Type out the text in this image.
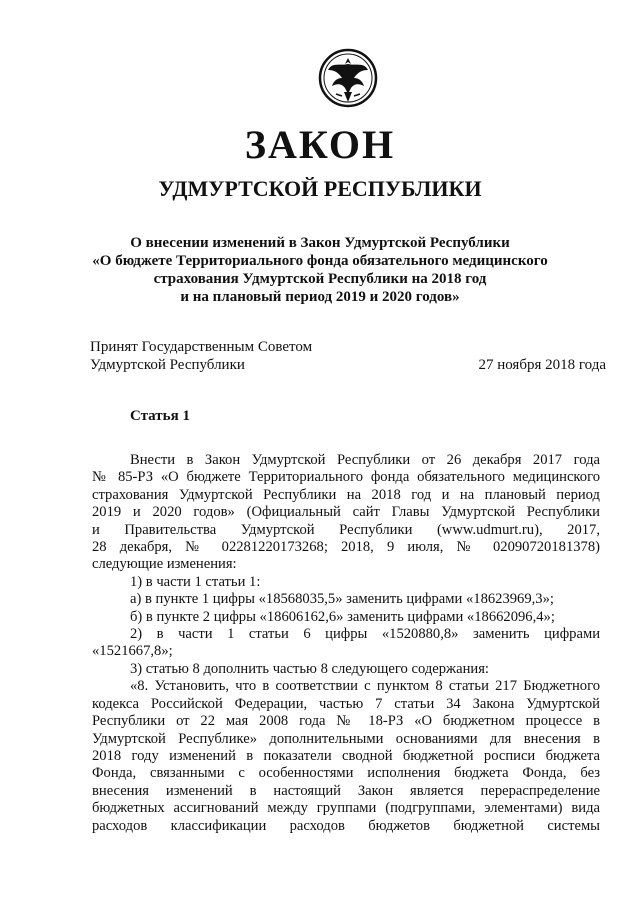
ЗАКОН
УДМУРТСКОЙ РЕСПУБЛИКИ
О внесении изменений в Закон Удмуртской Республики
«О бюджете Территориального фонда обязательного медицинского
страхования Удмуртской Республики на 2018 год
и на плановый период 2019 и 2020 годов»
Принят Государственным Советом
Удмуртской Республики	27 ноября 2018 года
Статья 1
Внести в Закон Удмуртской Республики от 26 декабря 2017 года
№ 85-РЗ «О бюджете Территориального фонда обязательного медицинского
страхования Удмуртской Республики на 2018 год и на плановый период
2019 и 2020 годов» (Официальный сайт Главы Удмуртской Республики
и Правительства Удмуртской Республики (www.udmurt.ru), 2017,
28 декабря, № 02281220173268; 2018, 9 июля, № 02090720181378)
следующие изменения:
1) в части 1 статьи 1:
а) в пункте 1 цифры «18568035,5» заменить цифрами «18623969,3»;
б) в пункте 2 цифры «18606162,6» заменить цифрами «18662096,4»;
2) в части 1 статьи 6 цифры «1520880,8» заменить цифрами
«1521667,8»;
3) статью 8 дополнить частью 8 следующего содержания:
«8. Установить, что в соответствии с пунктом 8 статьи 217 Бюджетного
кодекса Российской Федерации, частью 7 статьи 34 Закона Удмуртской
Республики от 22 мая 2008 года № 18-РЗ «О бюджетном процессе в
Удмуртской Республике» дополнительными основаниями для внесения в
2018 году изменений в показатели сводной бюджетной росписи бюджета
Фонда, связанными с особенностями исполнения бюджета Фонда, без
внесения изменений в настоящий Закон является перераспределение
бюджетных ассигнований между группами (подгруппами, элементами) вида
расходов классификации расходов бюджетов бюджетной системы
